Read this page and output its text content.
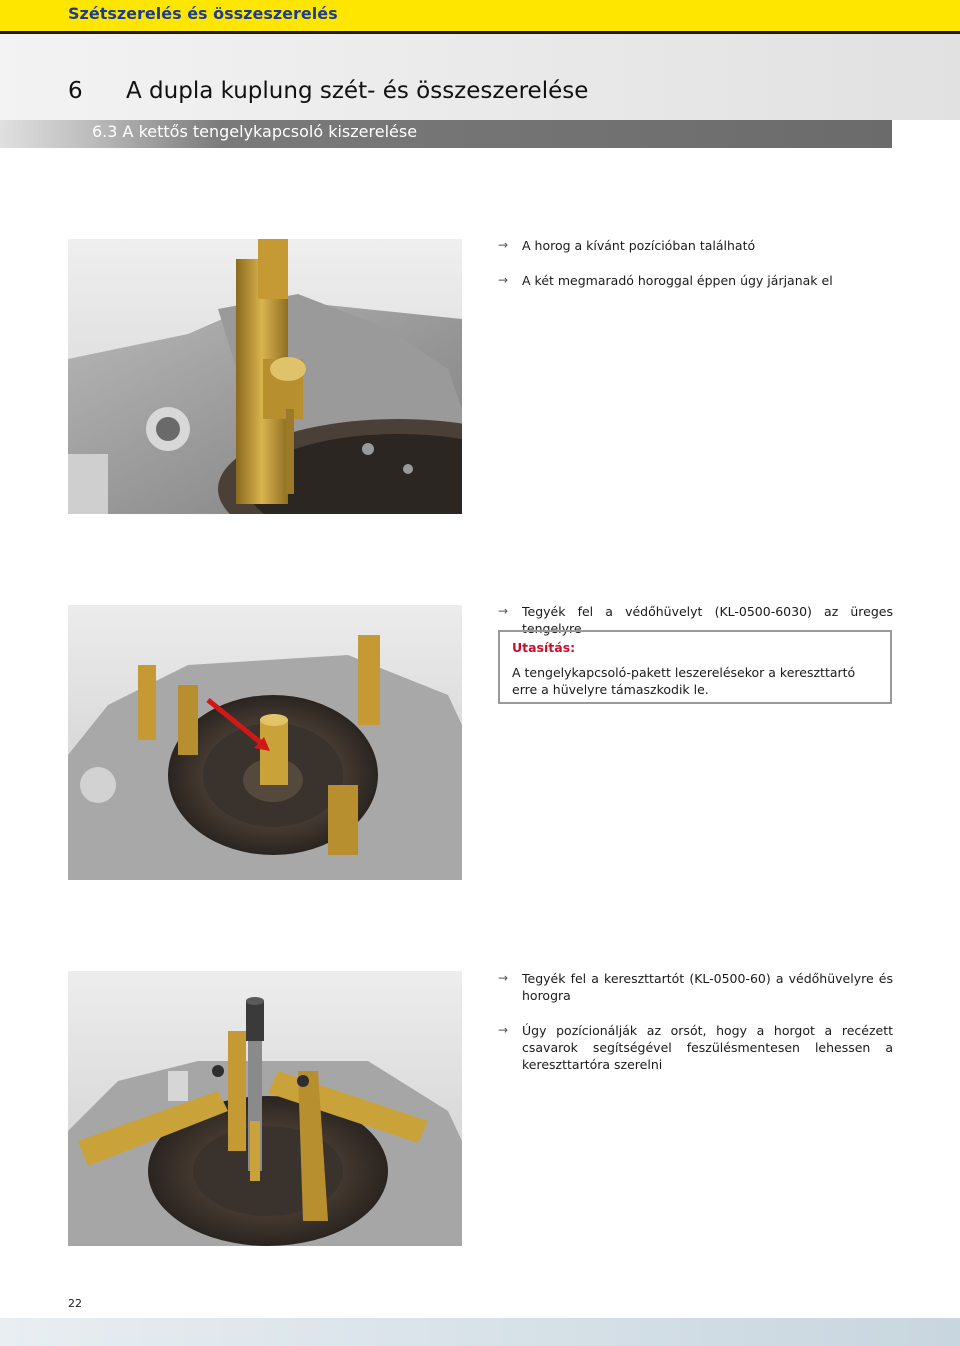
Szétszerelés és összeszerelés
6 A dupla kuplung szét- és összeszerelése
6.3 A kettős tengelykapcsoló kiszerelése
→	A horog a kívánt pozícióban található
→	A két megmaradó horoggal éppen úgy járjanak el
→	Tegyék fel a védőhüvelyt (KL-0500-6030) az üreges tengelyre
Utasítás:
A tengelykapcsoló-pakett leszerelésekor a kereszttartó erre a hüvelyre támaszkodik le.
→	Tegyék fel a kereszttartót (KL-0500-60) a védőhüvelyre és horogra
→	Úgy pozícionálják az orsót, hogy a horgot a recézett csavarok segítségével feszülésmentesen lehessen a kereszttartóra szerelni
22
